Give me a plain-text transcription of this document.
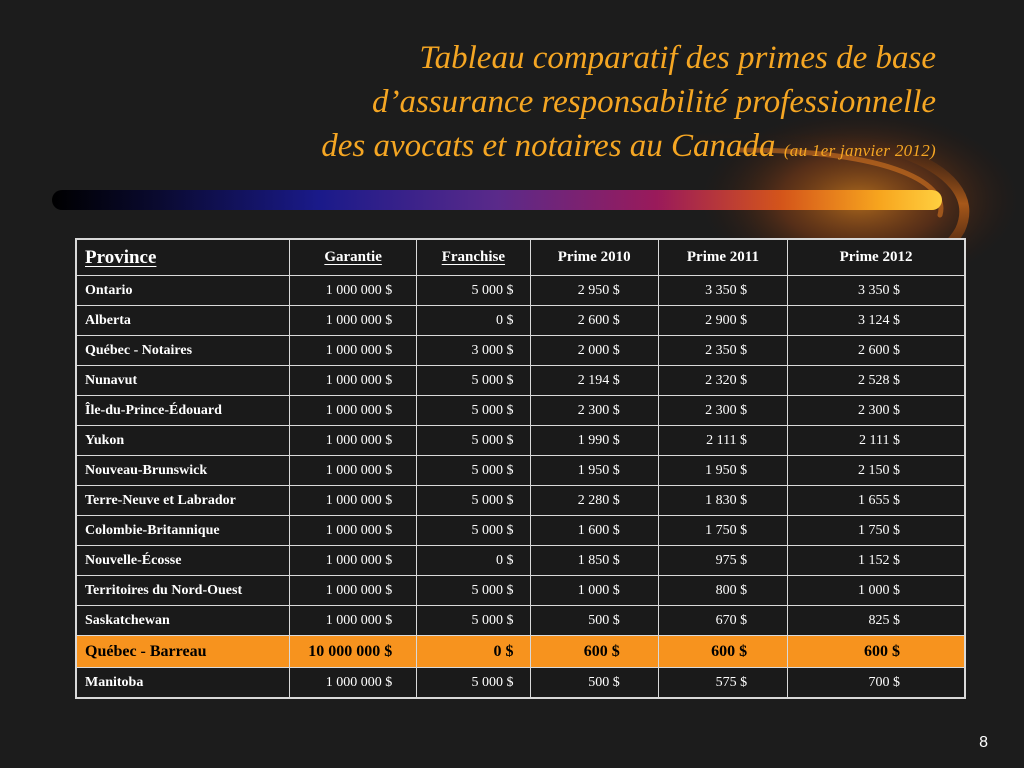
Tableau comparatif des primes de base
d’assurance responsabilité professionnelle
des avocats et notaires au Canada (au 1er janvier 2012)
Province	Garantie	Franchise	Prime 2010	Prime 2011	Prime 2012
Ontario	1 000 000 $	5 000 $	2 950 $	3 350 $	3 350 $
Alberta	1 000 000 $	0 $	2 600 $	2 900 $	3 124 $
Québec - Notaires	1 000 000 $	3 000 $	2 000 $	2 350 $	2 600 $
Nunavut	1 000 000 $	5 000 $	2 194 $	2 320 $	2 528 $
Île-du-Prince-Édouard	1 000 000 $	5 000 $	2 300 $	2 300 $	2 300 $
Yukon	1 000 000 $	5 000 $	1 990 $	2 111 $	2 111 $
Nouveau-Brunswick	1 000 000 $	5 000 $	1 950 $	1 950 $	2 150 $
Terre-Neuve et Labrador	1 000 000 $	5 000 $	2 280 $	1 830 $	1 655 $
Colombie-Britannique	1 000 000 $	5 000 $	1 600 $	1 750 $	1 750 $
Nouvelle-Écosse	1 000 000 $	0 $	1 850 $	975 $	1 152 $
Territoires du Nord-Ouest	1 000 000 $	5 000 $	1 000 $	800 $	1 000 $
Saskatchewan	1 000 000 $	5 000 $	500 $	670 $	825 $
Québec - Barreau	10 000 000 $	0 $	600 $	600 $	600 $
Manitoba	1 000 000 $	5 000 $	500 $	575 $	700 $
8
